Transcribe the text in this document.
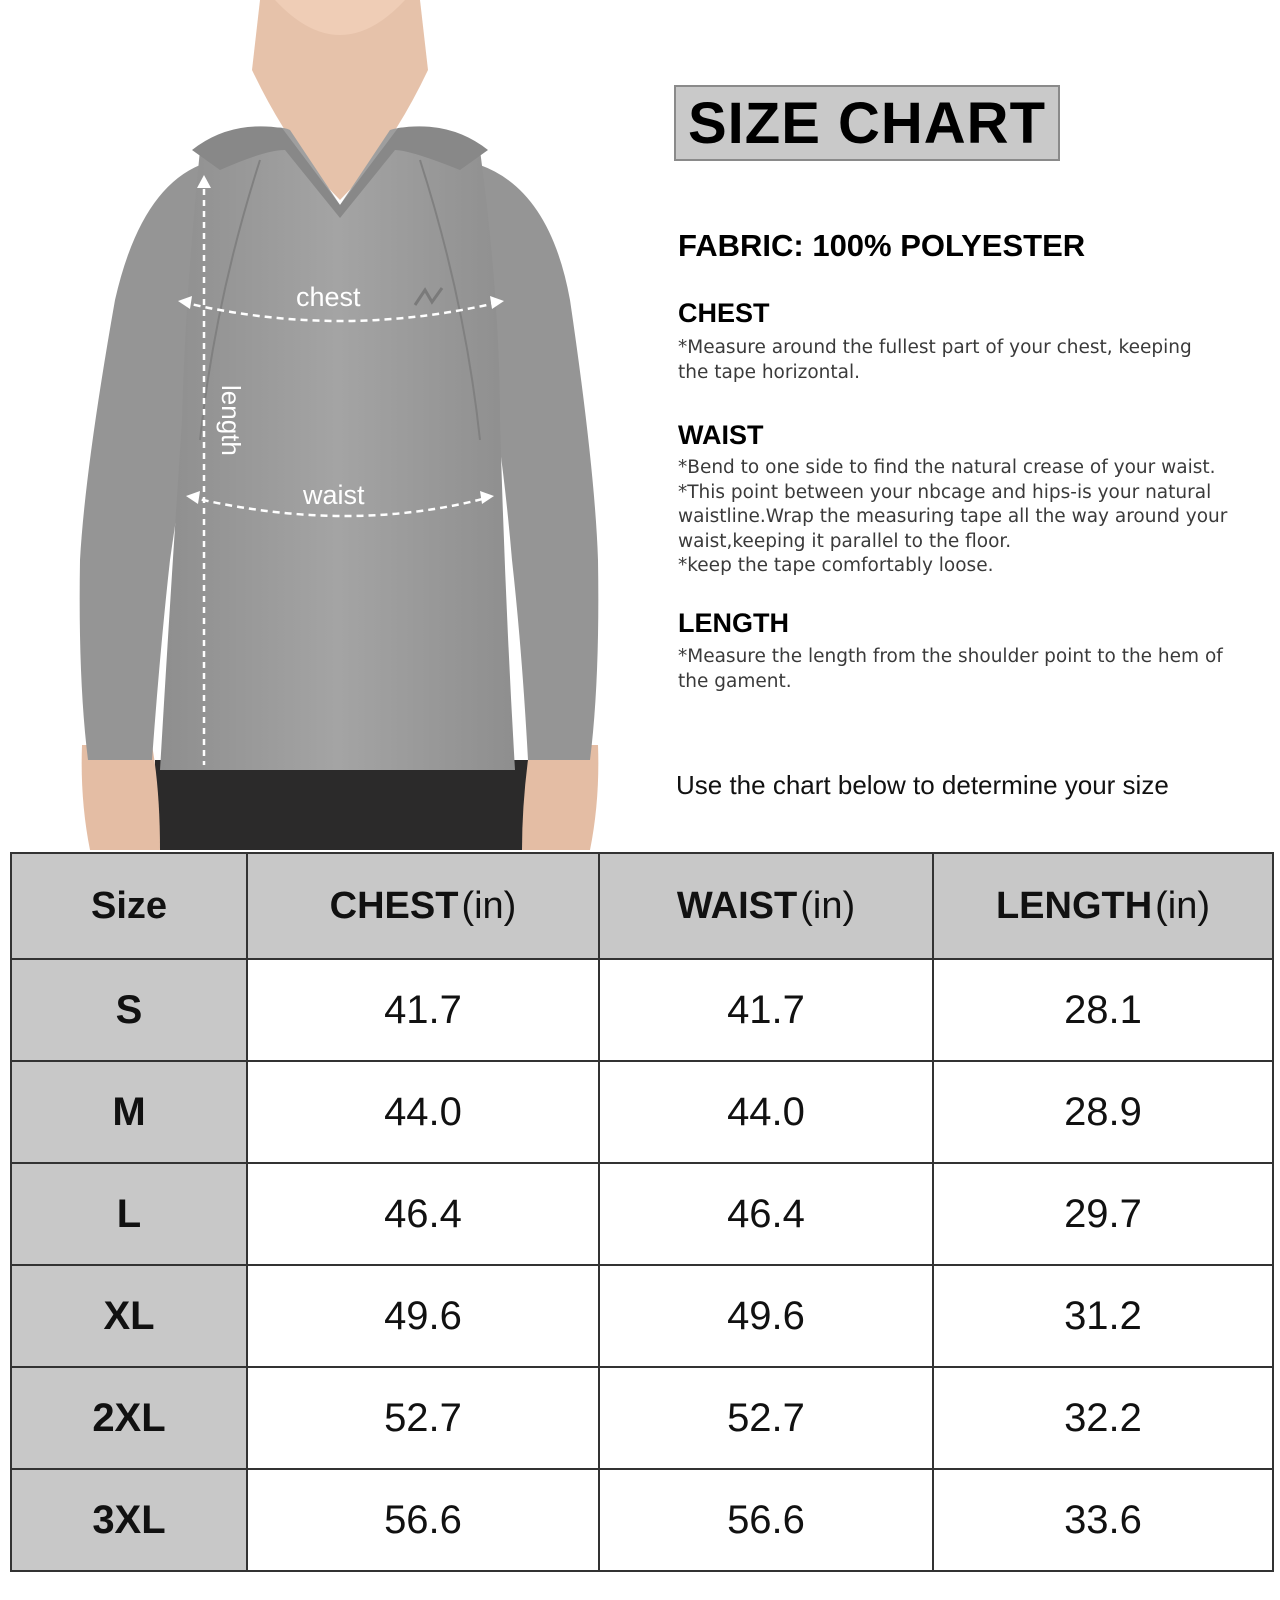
length
chest
waist
SIZE CHART
FABRIC: 100% POLYESTER
CHEST
*Measure around the fullest part of your chest, keeping
the tape horizontal.
WAIST
*Bend to one side to find the natural crease of your waist.
*This point between your nbcage and hips-is your natural
waistline.Wrap the measuring tape all the way around your
waist,keeping it parallel to the floor.
*keep the tape comfortably loose.
LENGTH
*Measure the length from the shoulder point to the hem of
the gament.
Use the chart below to determine your size
Size	CHEST(in)	WAIST(in)	LENGTH(in)
S	41.7	41.7	28.1
M	44.0	44.0	28.9
L	46.4	46.4	29.7
XL	49.6	49.6	31.2
2XL	52.7	52.7	32.2
3XL	56.6	56.6	33.6
